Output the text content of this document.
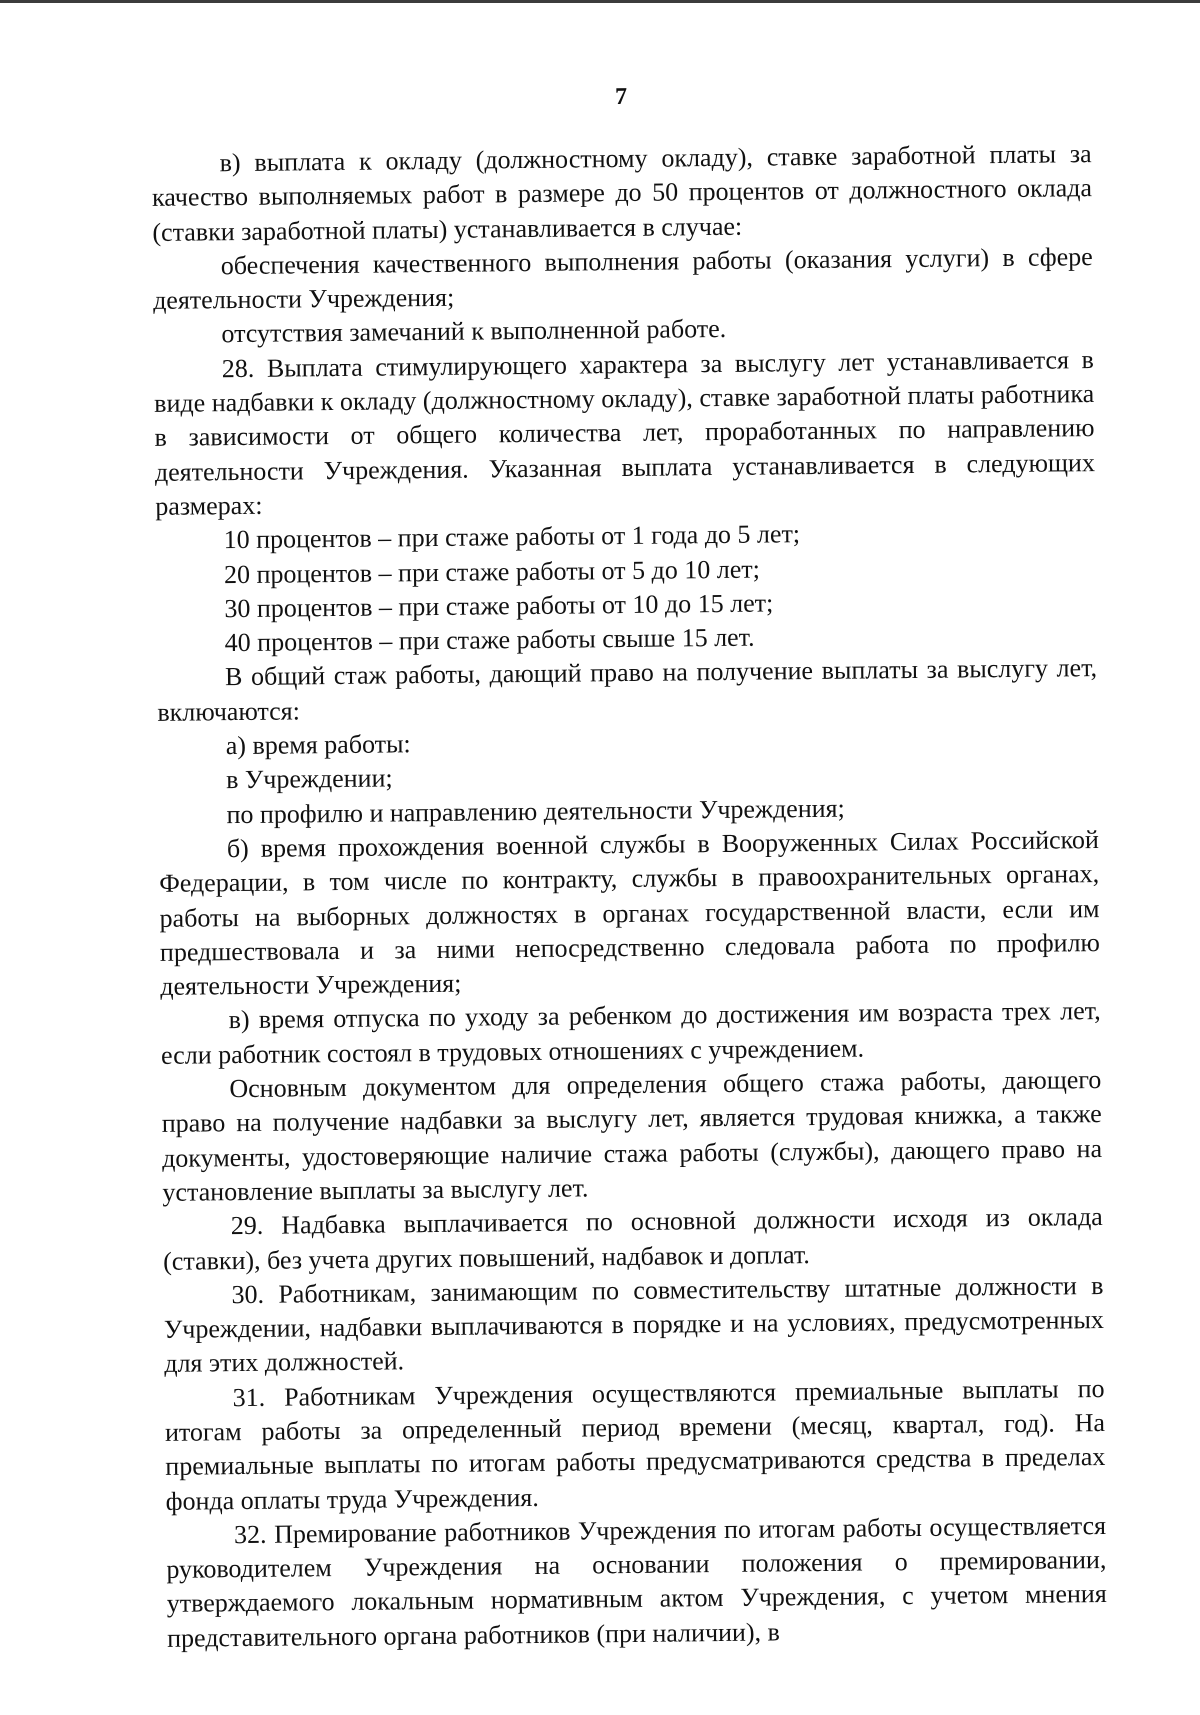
7

в) выплата к окладу (должностному окладу), ставке заработной платы за качество выполняемых работ в размере до 50 процентов от должностного оклада (ставки заработной платы) устанавливается в случае:

обеспечения качественного выполнения работы (оказания услуги) в сфере деятельности Учреждения;

отсутствия замечаний к выполненной работе.

28. Выплата стимулирующего характера за выслугу лет устанавливается в виде надбавки к окладу (должностному окладу), ставке заработной платы работника в зависимости от общего количества лет, проработанных по направлению деятельности Учреждения. Указанная выплата устанавливается в следующих размерах:

10 процентов – при стаже работы от 1 года до 5 лет;

20 процентов – при стаже работы от 5 до 10 лет;

30 процентов – при стаже работы от 10 до 15 лет;

40 процентов – при стаже работы свыше 15 лет.

В общий стаж работы, дающий право на получение выплаты за выслугу лет, включаются:

а) время работы:

в Учреждении;

по профилю и направлению деятельности Учреждения;

б) время прохождения военной службы в Вооруженных Силах Российской Федерации, в том числе по контракту, службы в правоохранительных органах, работы на выборных должностях в органах государственной власти, если им предшествовала и за ними непосредственно следовала работа по профилю деятельности Учреждения;

в) время отпуска по уходу за ребенком до достижения им возраста трех лет, если работник состоял в трудовых отношениях с учреждением.

Основным документом для определения общего стажа работы, дающего право на получение надбавки за выслугу лет, является трудовая книжка, а также документы, удостоверяющие наличие стажа работы (службы), дающего право на установление выплаты за выслугу лет.

29. Надбавка выплачивается по основной должности исходя из оклада (ставки), без учета других повышений, надбавок и доплат.

30. Работникам, занимающим по совместительству штатные должности в Учреждении, надбавки выплачиваются в порядке и на условиях, предусмотренных для этих должностей.

31. Работникам Учреждения осуществляются премиальные выплаты по итогам работы за определенный период времени (месяц, квартал, год). На премиальные выплаты по итогам работы предусматриваются средства в пределах фонда оплаты труда Учреждения.

32. Премирование работников Учреждения по итогам работы осуществляется руководителем Учреждения на основании положения о премировании, утверждаемого локальным нормативным актом Учреждения, с учетом мнения представительного органа работников (при наличии), в
